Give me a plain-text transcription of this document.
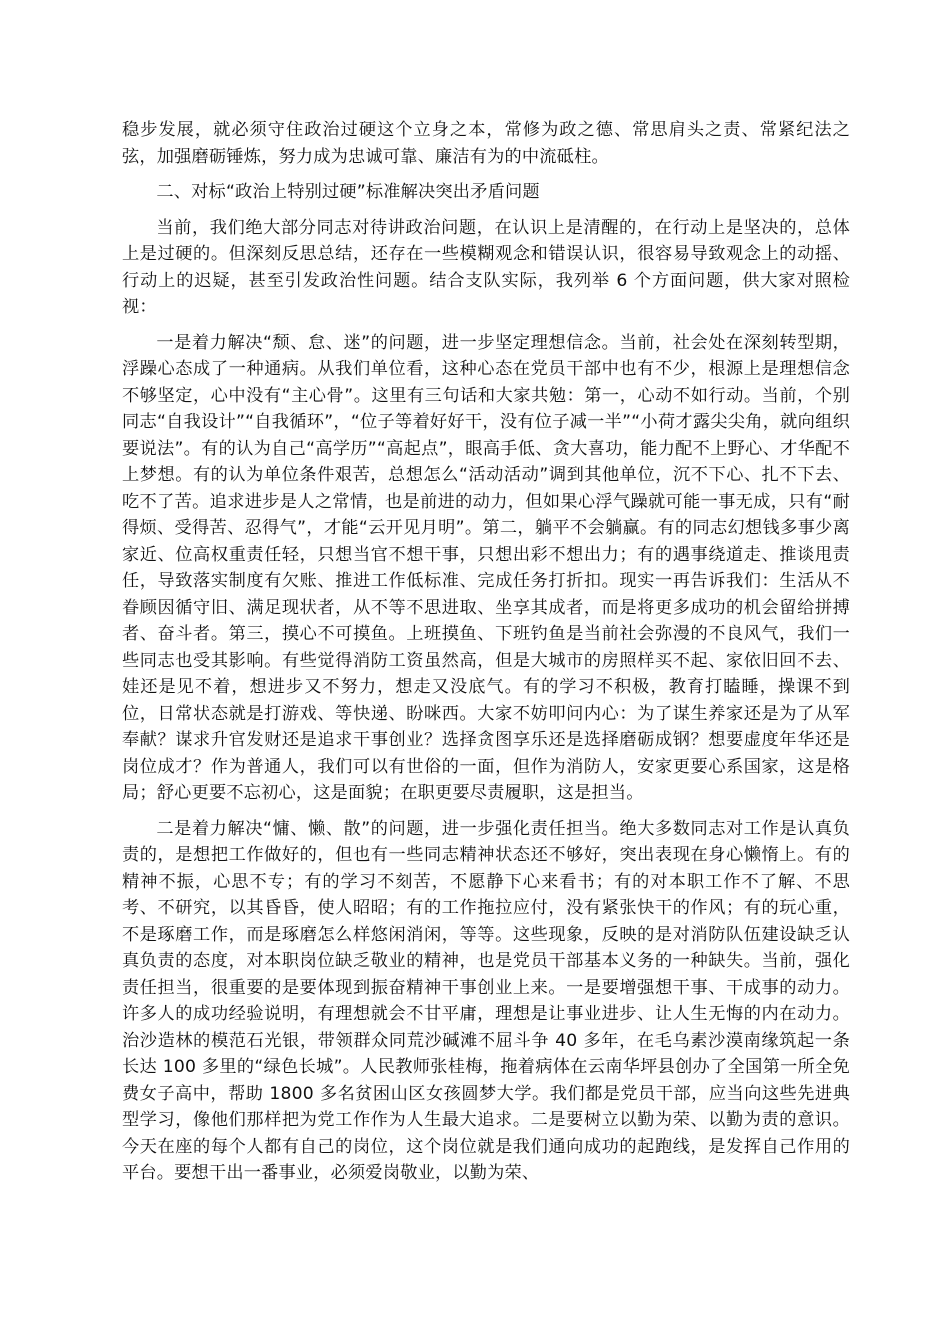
稳步发展，就必须守住政治过硬这个立身之本，常修为政之德、常思肩头之责、常紧纪法之弦，加强磨砺锤炼，努力成为忠诚可靠、廉洁有为的中流砥柱。

二、对标“政治上特别过硬”标准解决突出矛盾问题

当前，我们绝大部分同志对待讲政治问题，在认识上是清醒的，在行动上是坚决的，总体上是过硬的。但深刻反思总结，还存在一些模糊观念和错误认识，很容易导致观念上的动摇、行动上的迟疑，甚至引发政治性问题。结合支队实际，我列举 6 个方面问题，供大家对照检视：

一是着力解决“颓、怠、迷”的问题，进一步坚定理想信念。当前，社会处在深刻转型期，浮躁心态成了一种通病。从我们单位看，这种心态在党员干部中也有不少，根源上是理想信念不够坚定，心中没有“主心骨”。这里有三句话和大家共勉：第一，心动不如行动。当前，个别同志“自我设计”“自我循环”，“位子等着好好干，没有位子减一半”“小荷才露尖尖角，就向组织要说法”。有的认为自己“高学历”“高起点”，眼高手低、贪大喜功，能力配不上野心、才华配不上梦想。有的认为单位条件艰苦，总想怎么“活动活动”调到其他单位，沉不下心、扎不下去、吃不了苦。追求进步是人之常情，也是前进的动力，但如果心浮气躁就可能一事无成，只有“耐得烦、受得苦、忍得气”，才能“云开见月明”。第二，躺平不会躺赢。有的同志幻想钱多事少离家近、位高权重责任轻，只想当官不想干事，只想出彩不想出力；有的遇事绕道走、推谈甩责任，导致落实制度有欠账、推进工作低标准、完成任务打折扣。现实一再告诉我们：生活从不眷顾因循守旧、满足现状者，从不等不思进取、坐享其成者，而是将更多成功的机会留给拼搏者、奋斗者。第三，摸心不可摸鱼。上班摸鱼、下班钓鱼是当前社会弥漫的不良风气，我们一些同志也受其影响。有些觉得消防工资虽然高，但是大城市的房照样买不起、家依旧回不去、娃还是见不着，想进步又不努力，想走又没底气。有的学习不积极，教育打瞌睡，操课不到位，日常状态就是打游戏、等快递、盼咪西。大家不妨叩问内心：为了谋生养家还是为了从军奉献？谋求升官发财还是追求干事创业？选择贪图享乐还是选择磨砺成钢？想要虚度年华还是岗位成才？作为普通人，我们可以有世俗的一面，但作为消防人，安家更要心系国家，这是格局；舒心更要不忘初心，这是面貌；在职更要尽责履职，这是担当。

二是着力解决“慵、懒、散”的问题，进一步强化责任担当。绝大多数同志对工作是认真负责的，是想把工作做好的，但也有一些同志精神状态还不够好，突出表现在身心懒惰上。有的精神不振，心思不专；有的学习不刻苦，不愿静下心来看书；有的对本职工作不了解、不思考、不研究，以其昏昏，使人昭昭；有的工作拖拉应付，没有紧张快干的作风；有的玩心重，不是琢磨工作，而是琢磨怎么样悠闲消闲，等等。这些现象，反映的是对消防队伍建设缺乏认真负责的态度，对本职岗位缺乏敬业的精神，也是党员干部基本义务的一种缺失。当前，强化责任担当，很重要的是要体现到振奋精神干事创业上来。一是要增强想干事、干成事的动力。许多人的成功经验说明，有理想就会不甘平庸，理想是让事业进步、让人生无悔的内在动力。治沙造林的模范石光银，带领群众同荒沙碱滩不屈斗争 40 多年，在毛乌素沙漠南缘筑起一条长达 100 多里的“绿色长城”。人民教师张桂梅，拖着病体在云南华坪县创办了全国第一所全免费女子高中，帮助 1800 多名贫困山区女孩圆梦大学。我们都是党员干部，应当向这些先进典型学习，像他们那样把为党工作作为人生最大追求。二是要树立以勤为荣、以勤为责的意识。今天在座的每个人都有自己的岗位，这个岗位就是我们通向成功的起跑线，是发挥自己作用的平台。要想干出一番事业，必须爱岗敬业，以勤为荣、
